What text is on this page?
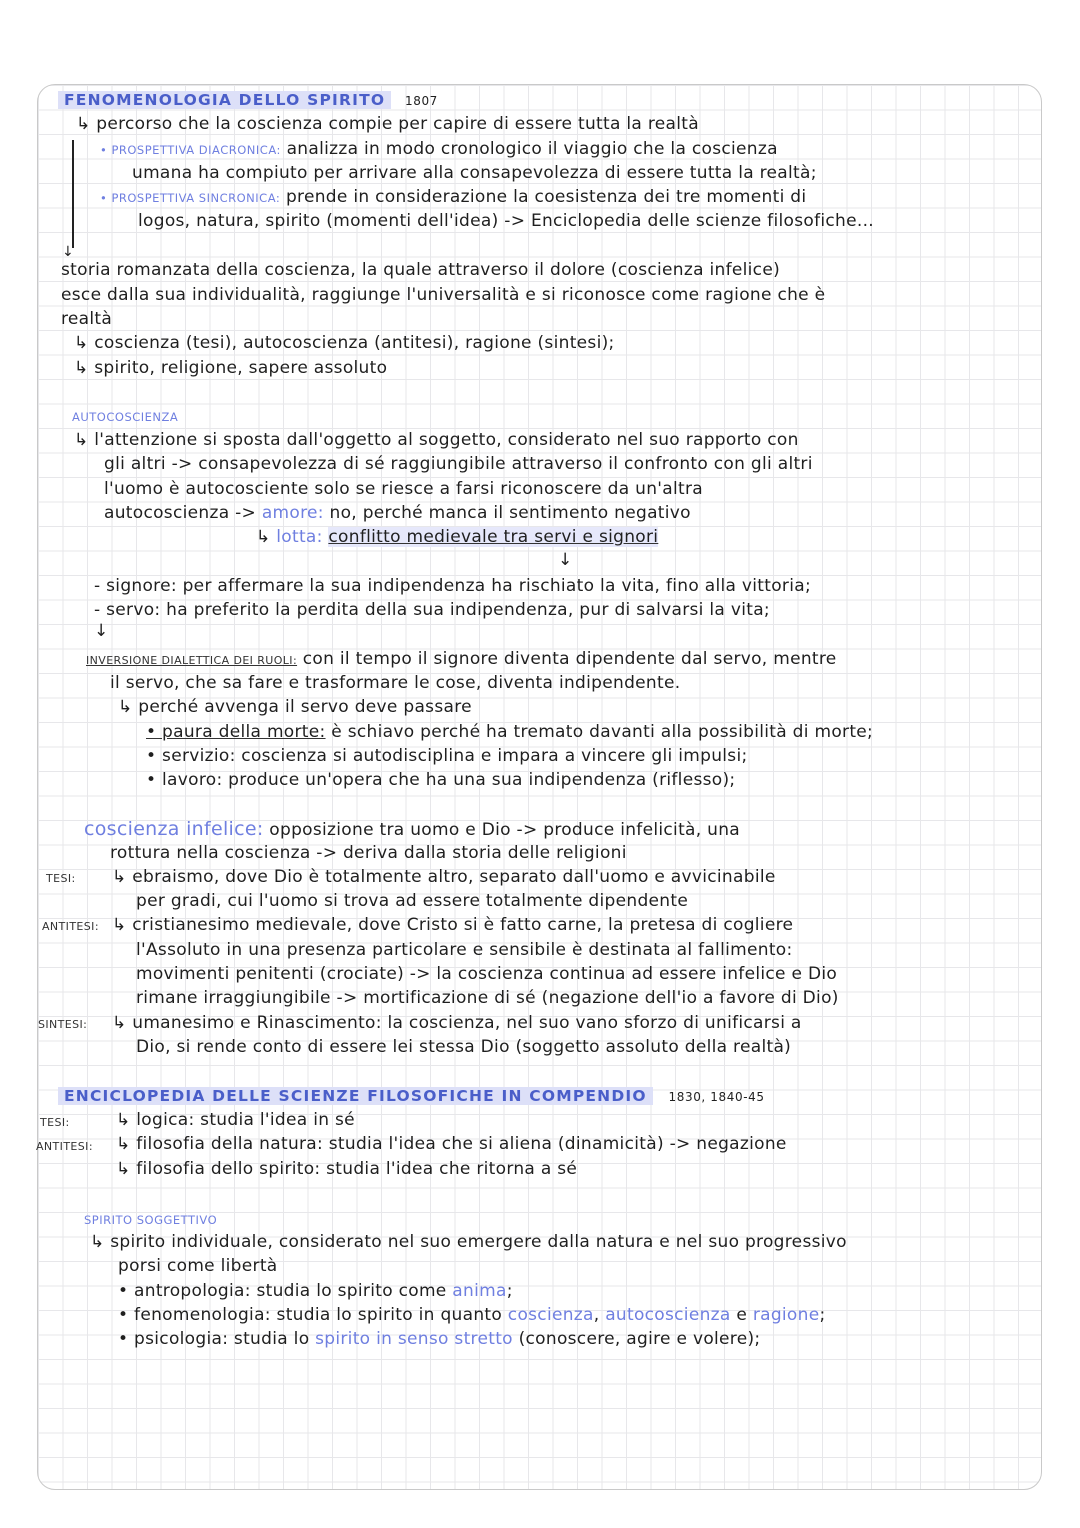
FENOMENOLOGIA DELLO SPIRITO 1807
↳ percorso che la coscienza compie per capire di essere tutta la realtà
↓
• PROSPETTIVA DIACRONICA: analizza in modo cronologico il viaggio che la coscienza
umana ha compiuto per arrivare alla consapevolezza di essere tutta la realtà;
• PROSPETTIVA SINCRONICA: prende in considerazione la coesistenza dei tre momenti di
logos, natura, spirito (momenti dell'idea) -> Enciclopedia delle scienze filosofiche...
storia romanzata della coscienza, la quale attraverso il dolore (coscienza infelice)
esce dalla sua individualità, raggiunge l'universalità e si riconosce come ragione che è
realtà
↳ coscienza (tesi), autocoscienza (antitesi), ragione (sintesi);
↳ spirito, religione, sapere assoluto
AUTOCOSCIENZA
↳ l'attenzione si sposta dall'oggetto al soggetto, considerato nel suo rapporto con
gli altri -> consapevolezza di sé raggiungibile attraverso il confronto con gli altri
l'uomo è autocosciente solo se riesce a farsi riconoscere da un'altra
autocoscienza -> amore: no, perché manca il sentimento negativo
↳ lotta: conflitto medievale tra servi e signori
↓
- signore: per affermare la sua indipendenza ha rischiato la vita, fino alla vittoria;
- servo: ha preferito la perdita della sua indipendenza, pur di salvarsi la vita;
↓
INVERSIONE DIALETTICA DEI RUOLI: con il tempo il signore diventa dipendente dal servo, mentre
il servo, che sa fare e trasformare le cose, diventa indipendente.
↳ perché avvenga il servo deve passare
• paura della morte: è schiavo perché ha tremato davanti alla possibilità di morte;
• servizio: coscienza si autodisciplina e impara a vincere gli impulsi;
• lavoro: produce un'opera che ha una sua indipendenza (riflesso);
coscienza infelice: opposizione tra uomo e Dio -> produce infelicità, una
rottura nella coscienza -> deriva dalla storia delle religioni
TESI: ↳ ebraismo, dove Dio è totalmente altro, separato dall'uomo e avvicinabile
per gradi, cui l'uomo si trova ad essere totalmente dipendente
ANTITESI: ↳ cristianesimo medievale, dove Cristo si è fatto carne, la pretesa di cogliere
l'Assoluto in una presenza particolare e sensibile è destinata al fallimento:
movimenti penitenti (crociate) -> la coscienza continua ad essere infelice e Dio
rimane irraggiungibile -> mortificazione di sé (negazione dell'io a favore di Dio)
SINTESI: ↳ umanesimo e Rinascimento: la coscienza, nel suo vano sforzo di unificarsi a
Dio, si rende conto di essere lei stessa Dio (soggetto assoluto della realtà)
ENCICLOPEDIA DELLE SCIENZE FILOSOFICHE IN COMPENDIO 1830, 1840-45
TESI:	↳ logica: studia l'idea in sé
ANTITESI: ↳ filosofia della natura: studia l'idea che si aliena (dinamicità) -> negazione
↳ filosofia dello spirito: studia l'idea che ritorna a sé
SPIRITO SOGGETTIVO
↳ spirito individuale, considerato nel suo emergere dalla natura e nel suo progressivo
porsi come libertà
• antropologia: studia lo spirito come anima;
• fenomenologia: studia lo spirito in quanto coscienza, autocoscienza e ragione;
• psicologia: studia lo spirito in senso stretto (conoscere, agire e volere);
